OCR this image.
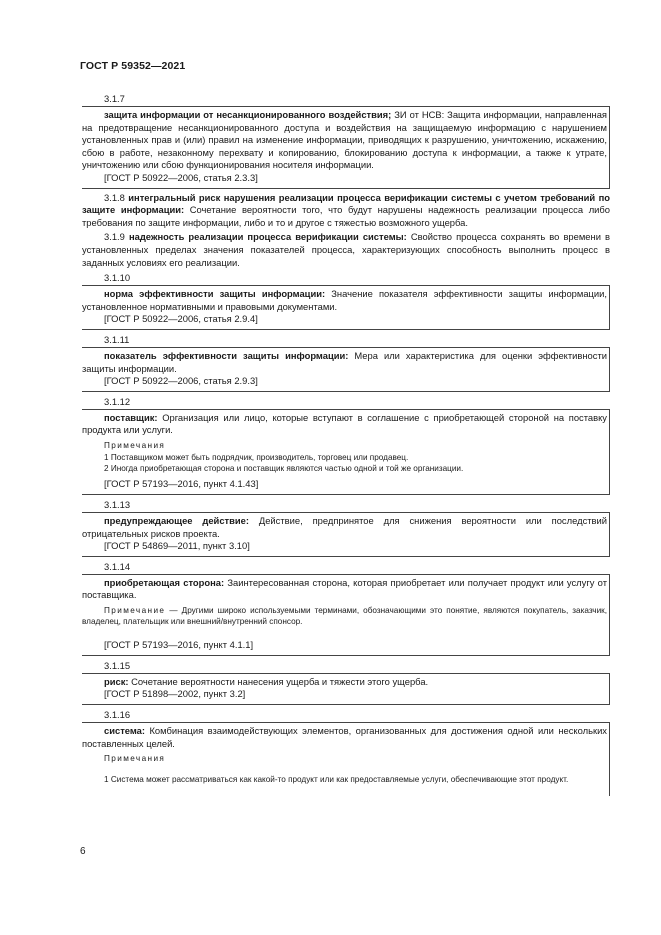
ГОСТ Р 59352—2021
3.1.7

защита информации от несанкционированного воздействия; ЗИ от НСВ: Защита информации, направленная на предотвращение несанкционированного доступа и воздействия на защищаемую информацию с нарушением установленных прав и (или) правил на изменение информации, приводящих к разрушению, уничтожению, искажению, сбою в работе, незаконному перехвату и копированию, блокированию доступа к информации, а также к утрате, уничтожению или сбою функционирования носителя информации.

[ГОСТ Р 50922—2006, статья 2.3.3]

3.1.8 интегральный риск нарушения реализации процесса верификации системы с учетом требований по защите информации: Сочетание вероятности того, что будут нарушены надежность реализации процесса либо требования по защите информации, либо и то и другое с тяжестью возможного ущерба.

3.1.9 надежность реализации процесса верификации системы: Свойство процесса сохранять во времени в установленных пределах значения показателей процесса, характеризующих способность выполнить процесс в заданных условиях его реализации.

3.1.10

норма эффективности защиты информации: Значение показателя эффективности защиты информации, установленное нормативными и правовыми документами.

[ГОСТ Р 50922—2006, статья 2.9.4]
3.1.11

показатель эффективности защиты информации: Мера или характеристика для оценки эффективности защиты информации.

[ГОСТ Р 50922—2006, статья 2.9.3]
3.1.12

поставщик: Организация или лицо, которые вступают в соглашение с приобретающей стороной на поставку продукта или услуги.

Примечания
1 Поставщиком может быть подрядчик, производитель, торговец или продавец.
2 Иногда приобретающая сторона и поставщик являются частью одной и той же организации.
[ГОСТ Р 57193—2016, пункт 4.1.43]
3.1.13

предупреждающее действие: Действие, предпринятое для снижения вероятности или последствий отрицательных рисков проекта.

[ГОСТ Р 54869—2011, пункт 3.10]
3.1.14

приобретающая сторона: Заинтересованная сторона, которая приобретает или получает продукт или услугу от поставщика.

Примечание — Другими широко используемыми терминами, обозначающими это понятие, являются покупатель, заказчик, владелец, плательщик или внешний/внутренний спонсор.

[ГОСТ Р 57193—2016, пункт 4.1.1]
3.1.15

риск: Сочетание вероятности нанесения ущерба и тяжести этого ущерба.

[ГОСТ Р 51898—2002, пункт 3.2]
3.1.16

система: Комбинация взаимодействующих элементов, организованных для достижения одной или нескольких поставленных целей.

Примечания

1 Система может рассматриваться как какой-то продукт или как предоставляемые услуги, обеспечивающие этот продукт.

6
